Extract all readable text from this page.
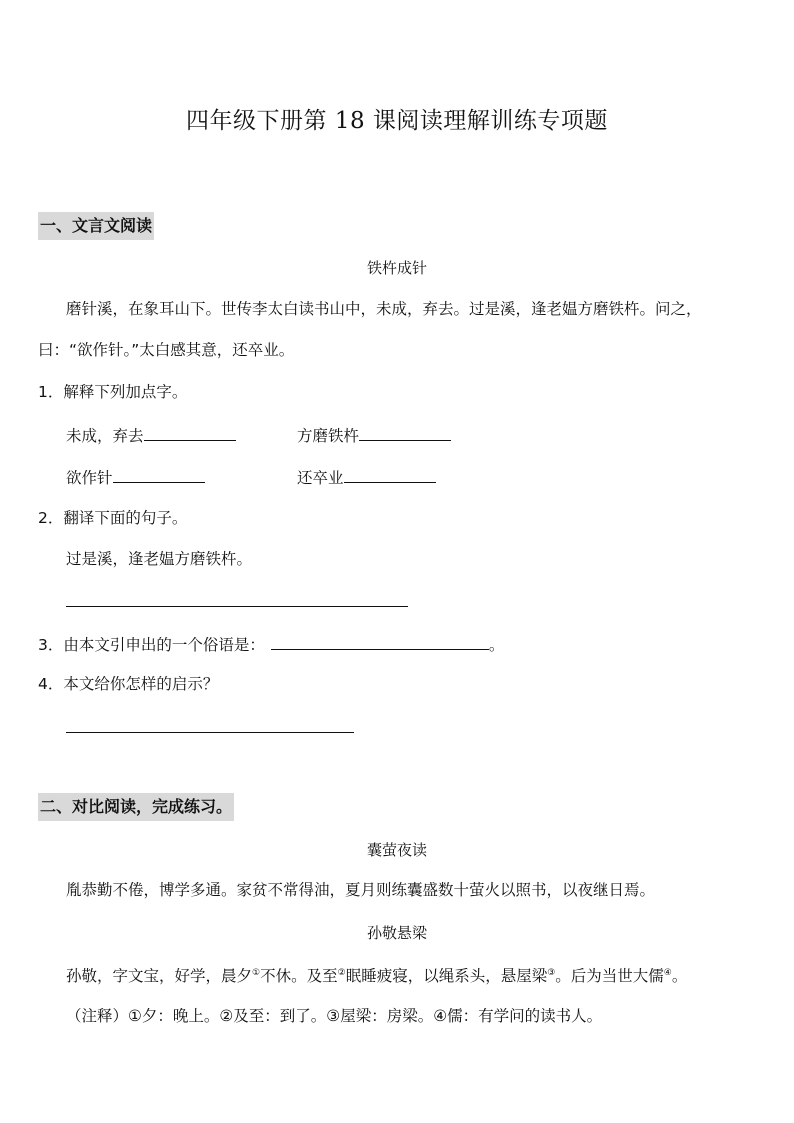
四年级下册第 18 课阅读理解训练专项题
一、文言文阅读
铁杵成针
磨针溪，在象耳山下。世传李太白读书山中，未成，弃去。过是溪，逢老媪方磨铁杵。问之，
曰：“欲作针。”太白感其意，还卒业。
1．解释下列加点字。
未成，弃去	方磨铁杵
欲作针	还卒业
2．翻译下面的句子。
过是溪，逢老媪方磨铁杵。
3．由本文引申出的一个俗语是：	。
4．本文给你怎样的启示？
二、对比阅读，完成练习。
囊萤夜读
胤恭勤不倦，博学多通。家贫不常得油，夏月则练囊盛数十萤火以照书，以夜继日焉。
孙敬悬梁
孙敬，字文宝，好学，晨夕①不休。及至②眠睡疲寝，以绳系头，悬屋梁③。后为当世大儒④。
（注释）①夕：晚上。②及至：到了。③屋梁：房梁。④儒：有学问的读书人。
